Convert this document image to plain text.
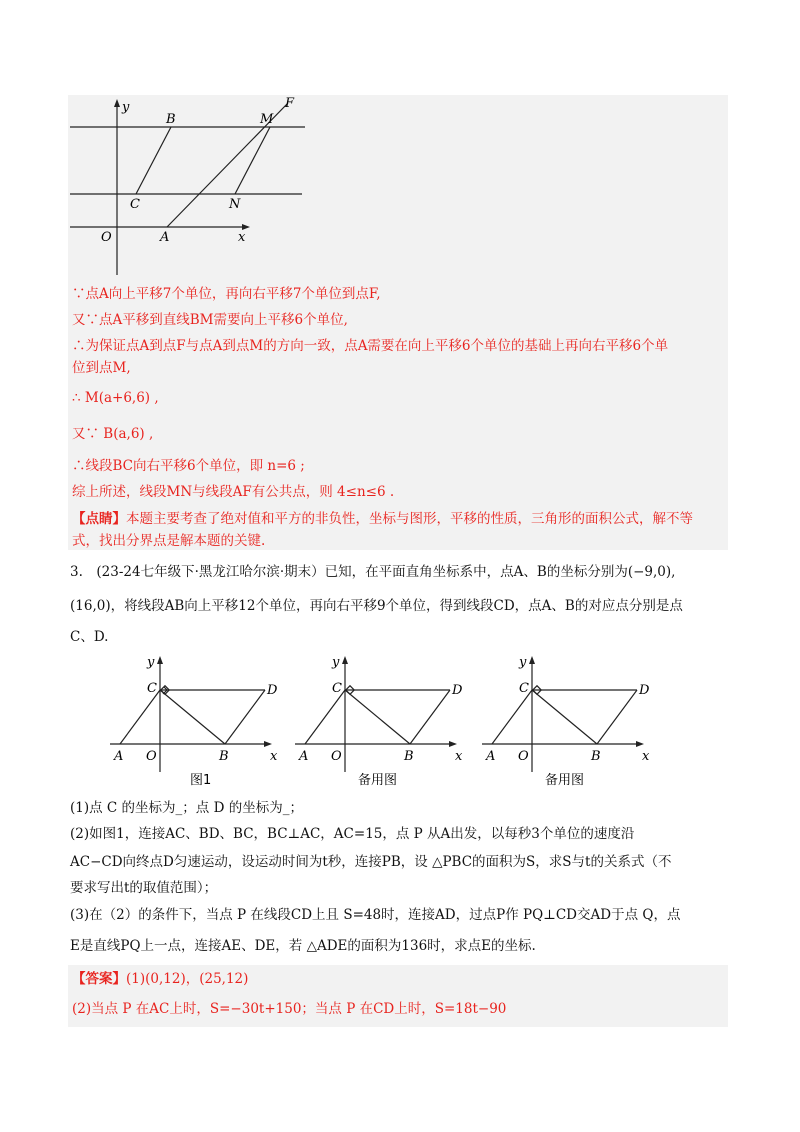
y
B	M
F
C	N
O	A	x
∵点A向上平移7个单位，再向右平移7个单位到点F,
又∵点A平移到直线BM需要向上平移6个单位,
∴为保证点A到点F与点A到点M的方向一致，点A需要在向上平移6个单位的基础上再向右平移6个单
位到点M,
∴ M(a+6,6) ,
又∵ B(a,6) ,
∴线段BC向右平移6个单位，即 n=6 ;
综上所述，线段MN与线段AF有公共点，则 4≤n≤6 .
【点睛】本题主要考查了绝对值和平方的非负性，坐标与图形，平移的性质，三角形的面积公式，解不等
式，找出分界点是解本题的关键.
3.　(23-24七年级下·黑龙江哈尔滨·期末）已知，在平面直角坐标系中，点A、B的坐标分别为(−9,0),
(16,0)，将线段AB向上平移12个单位，再向右平移9个单位，得到线段CD，点A、B的对应点分别是点
C、D.
y
C	D
A O	B	x
图1
y
C	D
A O	B	x
备用图
y
C	D
A O	B	x
备用图
(1)点 C 的坐标为_；点 D 的坐标为_；
(2)如图1，连接AC、BD、BC，BC⊥AC，AC=15，点 P 从A出发，以每秒3个单位的速度沿
AC−CD向终点D匀速运动，设运动时间为t秒，连接PB，设 △PBC的面积为S，求S与t的关系式（不
要求写出t的取值范围）；
(3)在（2）的条件下，当点 P 在线段CD上且 S=48时，连接AD，过点P作 PQ⊥CD交AD于点 Q，点
E是直线PQ上一点，连接AE、DE，若 △ADE的面积为136时，求点E的坐标.
【答案】(1)(0,12)，(25,12)
(2)当点 P 在AC上时，S=−30t+150；当点 P 在CD上时，S=18t−90
